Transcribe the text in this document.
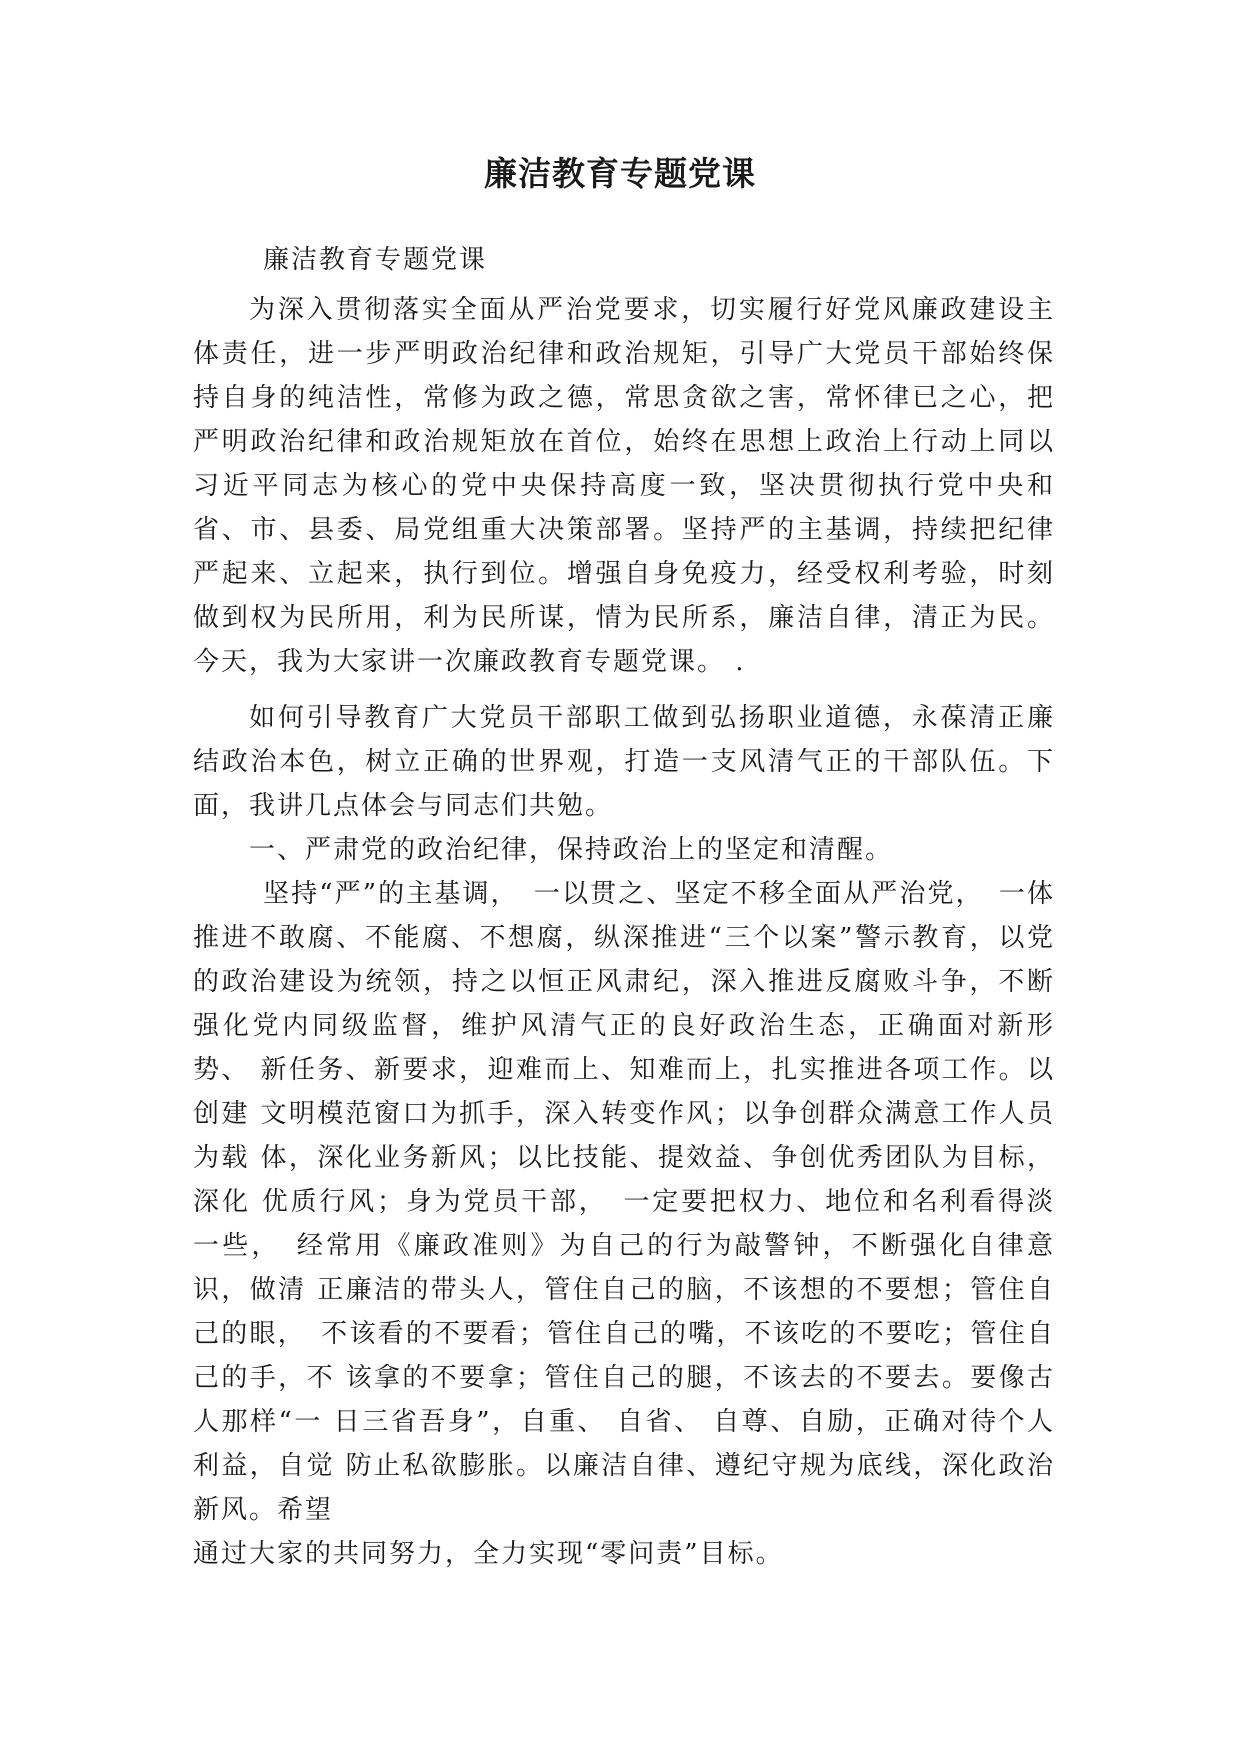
廉洁教育专题党课

廉洁教育专题党课

为深入贯彻落实全面从严治党要求，切实履行好党风廉政建设主体责任，进一步严明政治纪律和政治规矩，引导广大党员干部始终保持自身的纯洁性，常修为政之德，常思贪欲之害，常怀律已之心，把严明政治纪律和政治规矩放在首位，始终在思想上政治上行动上同以习近平同志为核心的党中央保持高度一致，坚决贯彻执行党中央和省、市、县委、局党组重大决策部署。坚持严的主基调，持续把纪律严起来、立起来，执行到位。增强自身免疫力，经受权利考验，时刻做到权为民所用，利为民所谋，情为民所系，廉洁自律，清正为民。今天，我为大家讲一次廉政教育专题党课。 .

如何引导教育广大党员干部职工做到弘扬职业道德，永葆清正廉结政治本色，树立正确的世界观，打造一支风清气正的干部队伍。下面，我讲几点体会与同志们共勉。

一、严肃党的政治纪律，保持政治上的坚定和清醒。

坚持“严”的主基调，　一以贯之、坚定不移全面从严治党，　一体推进不敢腐、不能腐、不想腐，纵深推进“三个以案”警示教育，以党的政治建设为统领，持之以恒正风肃纪，深入推进反腐败斗争，不断强化党内同级监督，维护风清气正的良好政治生态，正确面对新形势、 新任务、新要求，迎难而上、知难而上，扎实推进各项工作。以创建 文明模范窗口为抓手，深入转变作风；以争创群众满意工作人员为载 体，深化业务新风；以比技能、提效益、争创优秀团队为目标，深化 优质行风；身为党员干部，　一定要把权力、地位和名利看得淡一些，　经常用《廉政准则》为自己的行为敲警钟，不断强化自律意识，做清 正廉洁的带头人，管住自己的脑，不该想的不要想；管住自己的眼，　不该看的不要看；管住自己的嘴，不该吃的不要吃；管住自己的手，不 该拿的不要拿；管住自己的腿，不该去的不要去。要像古人那样“一 日三省吾身”，自重、 自省、 自尊、自励，正确对待个人利益，自觉 防止私欲膨胀。以廉洁自律、遵纪守规为底线，深化政治新风。希望

通过大家的共同努力，全力实现“零问责”目标。
